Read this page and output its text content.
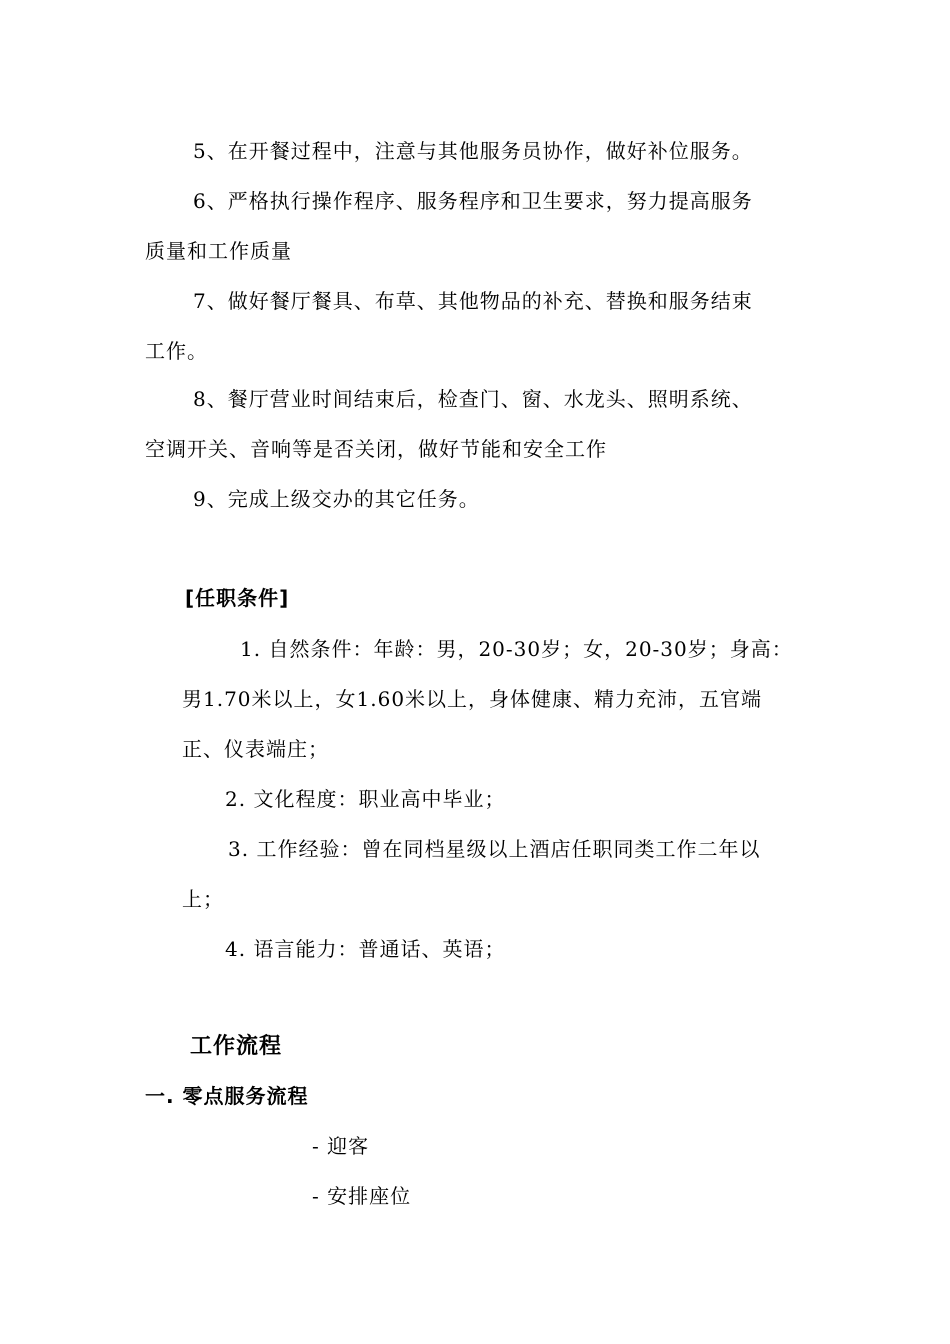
5、在开餐过程中，注意与其他服务员协作，做好补位服务。
6、严格执行操作程序、服务程序和卫生要求，努力提高服务
质量和工作质量
7、做好餐厅餐具、布草、其他物品的补充、替换和服务结束
工作。
8、餐厅营业时间结束后，检查门、窗、水龙头、照明系统、
空调开关、音响等是否关闭，做好节能和安全工作
9、完成上级交办的其它任务。
[任职条件]
1. 自然条件：年龄：男，20-30岁；女，20-30岁；身高：
男1.70米以上，女1.60米以上，身体健康、精力充沛，五官端
正、仪表端庄；
2. 文化程度：职业高中毕业；
3. 工作经验：曾在同档星级以上酒店任职同类工作二年以
上；
4. 语言能力：普通话、英语；
工作流程
一. 零点服务流程
- 迎客
- 安排座位
